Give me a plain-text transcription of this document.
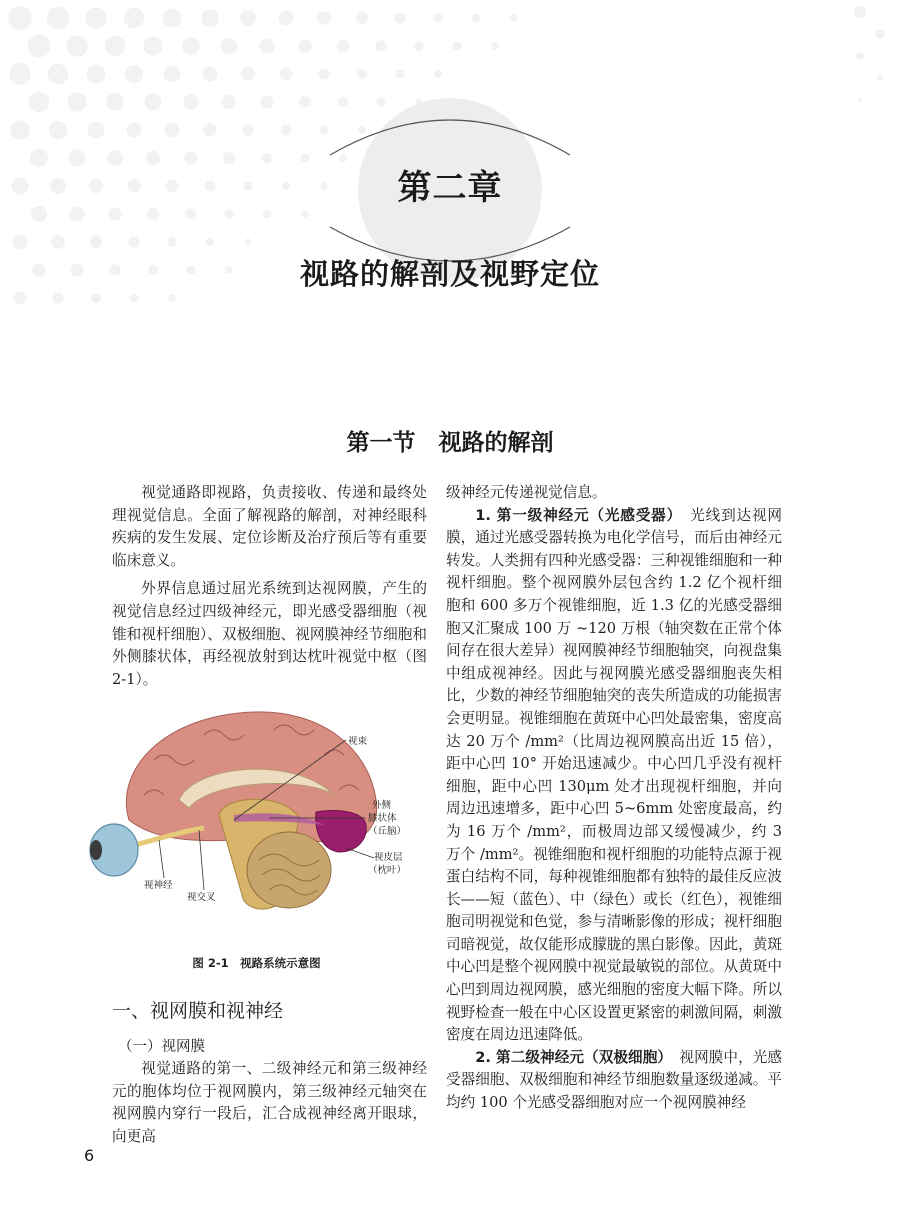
第二章
视路的解剖及视野定位
第一节　视路的解剖

视觉通路即视路，负责接收、传递和最终处理视觉信息。全面了解视路的解剖，对神经眼科疾病的发生发展、定位诊断及治疗预后等有重要临床意义。

外界信息通过屈光系统到达视网膜，产生的视觉信息经过四级神经元，即光感受器细胞（视锥和视杆细胞）、双极细胞、视网膜神经节细胞和外侧膝状体，再经视放射到达枕叶视觉中枢（图 2-1）。

视束
外侧
膝状体
（丘脑）
视皮层
（枕叶）
视神经
视交叉
图 2-1　视路系统示意图
一、视网膜和视神经
（一）视网膜

视觉通路的第一、二级神经元和第三级神经元的胞体均位于视网膜内，第三级神经元轴突在视网膜内穿行一段后，汇合成视神经离开眼球，向更高

级神经元传递视觉信息。

1. 第一级神经元（光感受器）　光线到达视网膜，通过光感受器转换为电化学信号，而后由神经元转发。人类拥有四种光感受器：三种视锥细胞和一种视杆细胞。整个视网膜外层包含约 1.2 亿个视杆细胞和 600 多万个视锥细胞，近 1.3 亿的光感受器细胞又汇聚成 100 万 ~120 万根（轴突数在正常个体间存在很大差异）视网膜神经节细胞轴突，向视盘集中组成视神经。因此与视网膜光感受器细胞丧失相比，少数的神经节细胞轴突的丧失所造成的功能损害会更明显。视锥细胞在黄斑中心凹处最密集，密度高达 20 万个 /mm²（比周边视网膜高出近 15 倍），距中心凹 10° 开始迅速减少。中心凹几乎没有视杆细胞，距中心凹 130μm 处才出现视杆细胞，并向周边迅速增多，距中心凹 5~6mm 处密度最高，约为 16 万个 /mm²，而极周边部又缓慢减少，约 3 万个 /mm²。视锥细胞和视杆细胞的功能特点源于视蛋白结构不同，每种视锥细胞都有独特的最佳反应波长——短（蓝色）、中（绿色）或长（红色），视锥细胞司明视觉和色觉，参与清晰影像的形成；视杆细胞司暗视觉，故仅能形成朦胧的黑白影像。因此，黄斑中心凹是整个视网膜中视觉最敏锐的部位。从黄斑中心凹到周边视网膜，感光细胞的密度大幅下降。所以视野检查一般在中心区设置更紧密的刺激间隔，刺激密度在周边迅速降低。

2. 第二级神经元（双极细胞）　视网膜中，光感受器细胞、双极细胞和神经节细胞数量逐级递减。平均约 100 个光感受器细胞对应一个视网膜神经

6
